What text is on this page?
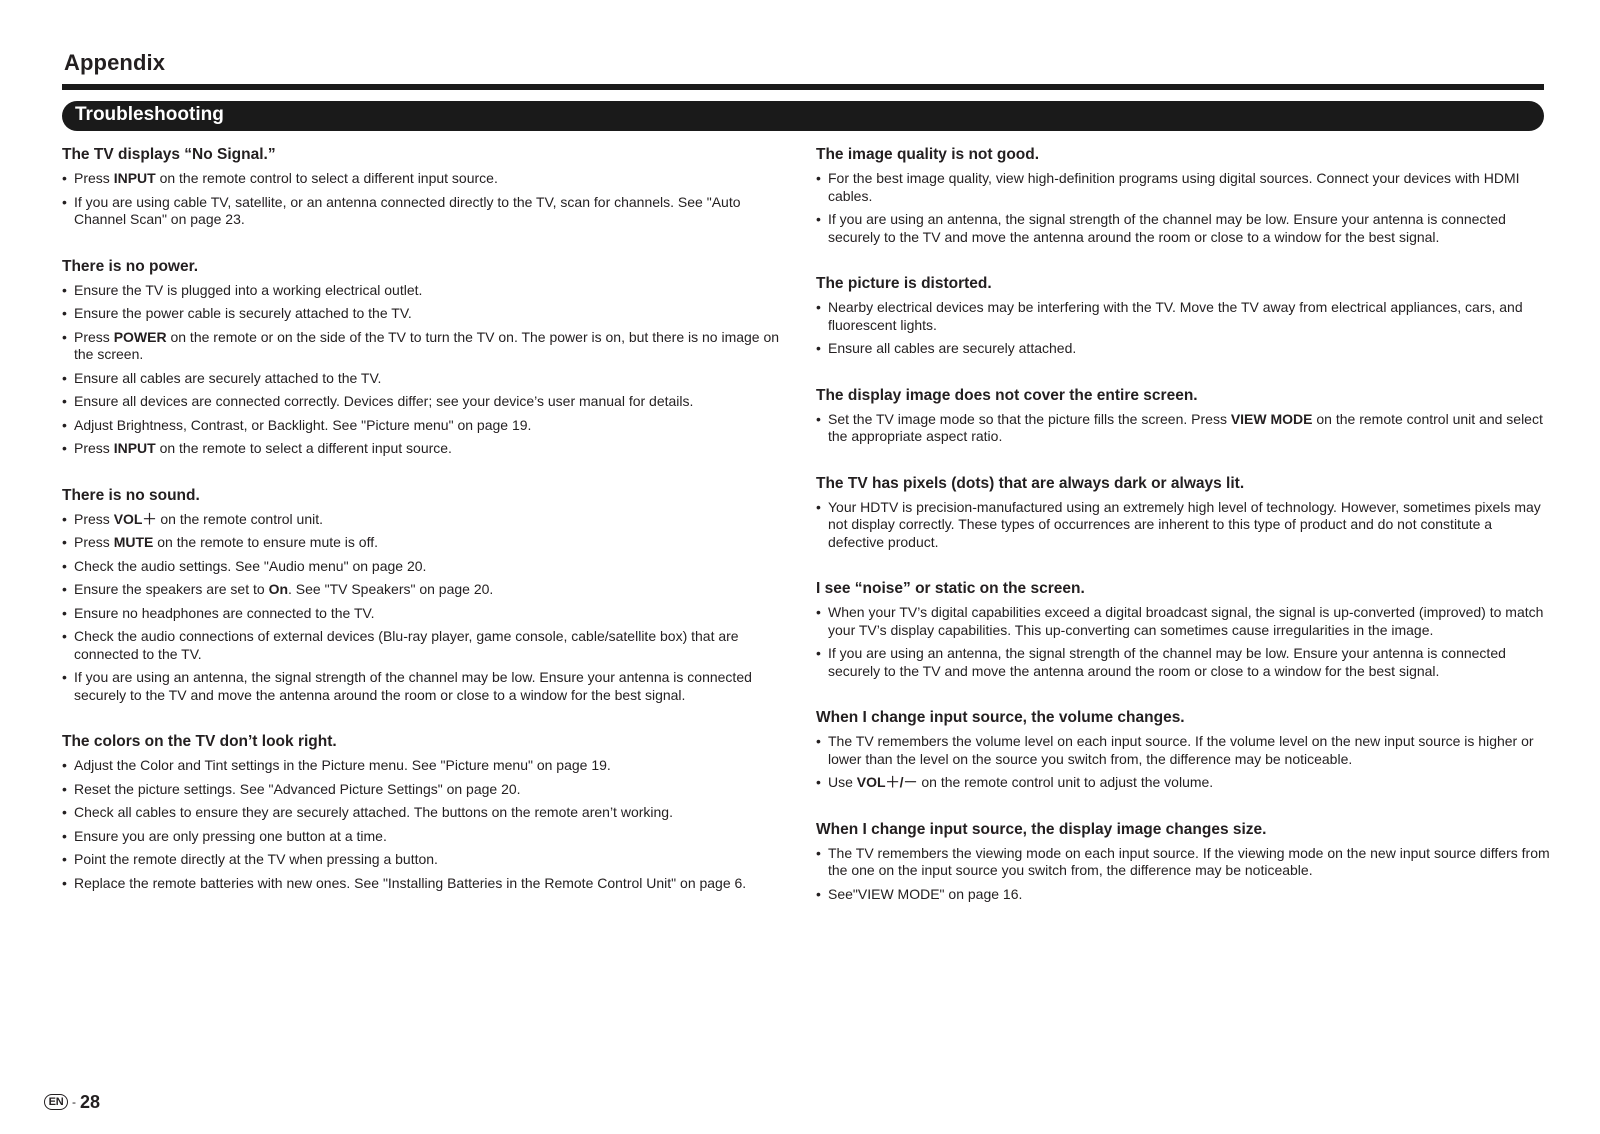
Appendix
Troubleshooting
The TV displays “No Signal.”
• Press INPUT on the remote control to select a different input source.
• If you are using cable TV, satellite, or an antenna connected directly to the TV, scan for channels. See "Auto Channel Scan" on page 23.
There is no power.
• Ensure the TV is plugged into a working electrical outlet.
• Ensure the power cable is securely attached to the TV.
• Press POWER on the remote or on the side of the TV to turn the TV on. The power is on, but there is no image on the screen.
• Ensure all cables are securely attached to the TV.
• Ensure all devices are connected correctly. Devices differ; see your device’s user manual for details.
• Adjust Brightness, Contrast, or Backlight. See "Picture menu" on page 19.
• Press INPUT on the remote to select a different input source.
There is no sound.
• Press VOL＋ on the remote control unit.
• Press MUTE on the remote to ensure mute is off.
• Check the audio settings. See "Audio menu" on page 20.
• Ensure the speakers are set to On. See "TV Speakers" on page 20.
• Ensure no headphones are connected to the TV.
• Check the audio connections of external devices (Blu-ray player, game console, cable/satellite box) that are connected to the TV.
• If you are using an antenna, the signal strength of the channel may be low. Ensure your antenna is connected securely to the TV and move the antenna around the room or close to a window for the best signal.
The colors on the TV don’t look right.
• Adjust the Color and Tint settings in the Picture menu. See "Picture menu" on page 19.
• Reset the picture settings. See "Advanced Picture Settings" on page 20.
• Check all cables to ensure they are securely attached. The buttons on the remote aren’t working.
• Ensure you are only pressing one button at a time.
• Point the remote directly at the TV when pressing a button.
• Replace the remote batteries with new ones. See "Installing Batteries in the Remote Control Unit" on page 6.
The image quality is not good.
• For the best image quality, view high-definition programs using digital sources. Connect your devices with HDMI cables.
• If you are using an antenna, the signal strength of the channel may be low. Ensure your antenna is connected securely to the TV and move the antenna around the room or close to a window for the best signal.
The picture is distorted.
• Nearby electrical devices may be interfering with the TV. Move the TV away from electrical appliances, cars, and fluorescent lights.
• Ensure all cables are securely attached.
The display image does not cover the entire screen.
• Set the TV image mode so that the picture fills the screen. Press VIEW MODE on the remote control unit and select the appropriate aspect ratio.
The TV has pixels (dots) that are always dark or always lit.
• Your HDTV is precision-manufactured using an extremely high level of technology. However, sometimes pixels may not display correctly. These types of occurrences are inherent to this type of product and do not constitute a defective product.
I see “noise” or static on the screen.
• When your TV’s digital capabilities exceed a digital broadcast signal, the signal is up-converted (improved) to match your TV’s display capabilities. This up-converting can sometimes cause irregularities in the image.
• If you are using an antenna, the signal strength of the channel may be low. Ensure your antenna is connected securely to the TV and move the antenna around the room or close to a window for the best signal.
When I change input source, the volume changes.
• The TV remembers the volume level on each input source. If the volume level on the new input source is higher or lower than the level on the source you switch from, the difference may be noticeable.
• Use VOL＋/－ on the remote control unit to adjust the volume.
When I change input source, the display image changes size.
• The TV remembers the viewing mode on each input source. If the viewing mode on the new input source differs from the one on the input source you switch from, the difference may be noticeable.
• See"VIEW MODE" on page 16.
EN - 28
